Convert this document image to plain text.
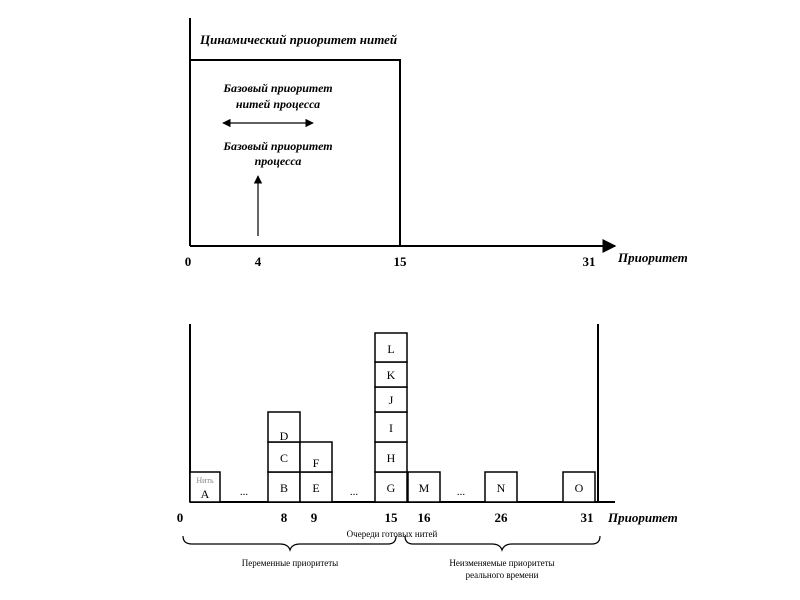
Цинамический приоритет нитей
Базовый приоритет
нитей процесса
Базовый приоритет
процесса
0	4	15	31 Приоритет
Нить
A	...	B
C
D
E
F
... G
H
I
J
K
L
M	...	N	O
0	8 9	15 16	26	31 Приоритет
Очереди готовых нитей
Переменные приоритеты	Неизменяемые приоритеты
реального времени
